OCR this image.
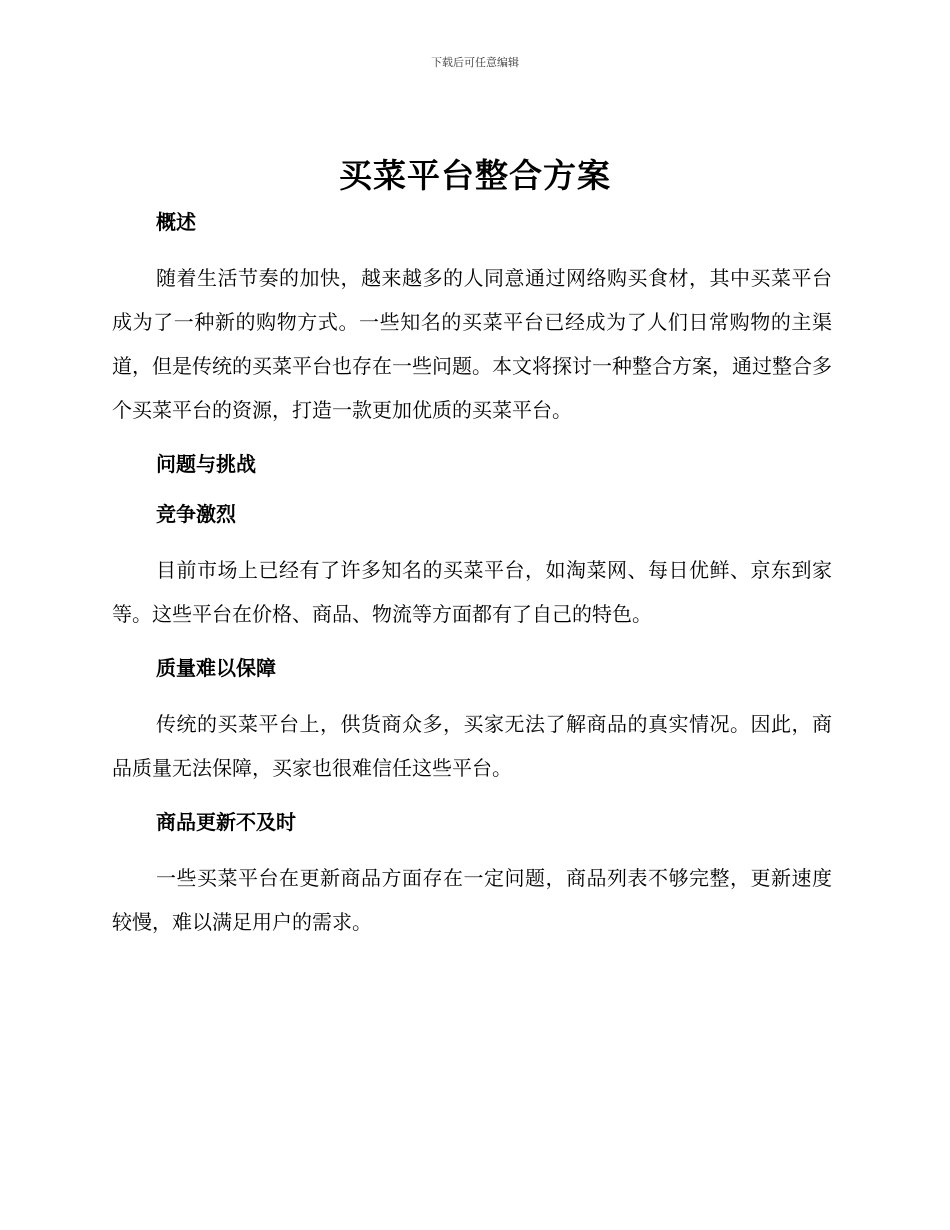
下载后可任意编辑
买菜平台整合方案
概述

随着生活节奏的加快，越来越多的人同意通过网络购买食材，其中买菜平台成为了一种新的购物方式。一些知名的买菜平台已经成为了人们日常购物的主渠道，但是传统的买菜平台也存在一些问题。本文将探讨一种整合方案，通过整合多个买菜平台的资源，打造一款更加优质的买菜平台。

问题与挑战
竞争激烈

目前市场上已经有了许多知名的买菜平台，如淘菜网、每日优鲜、京东到家等。这些平台在价格、商品、物流等方面都有了自己的特色。

质量难以保障

传统的买菜平台上，供货商众多，买家无法了解商品的真实情况。因此，商品质量无法保障，买家也很难信任这些平台。

商品更新不及时

一些买菜平台在更新商品方面存在一定问题，商品列表不够完整，更新速度较慢，难以满足用户的需求。
